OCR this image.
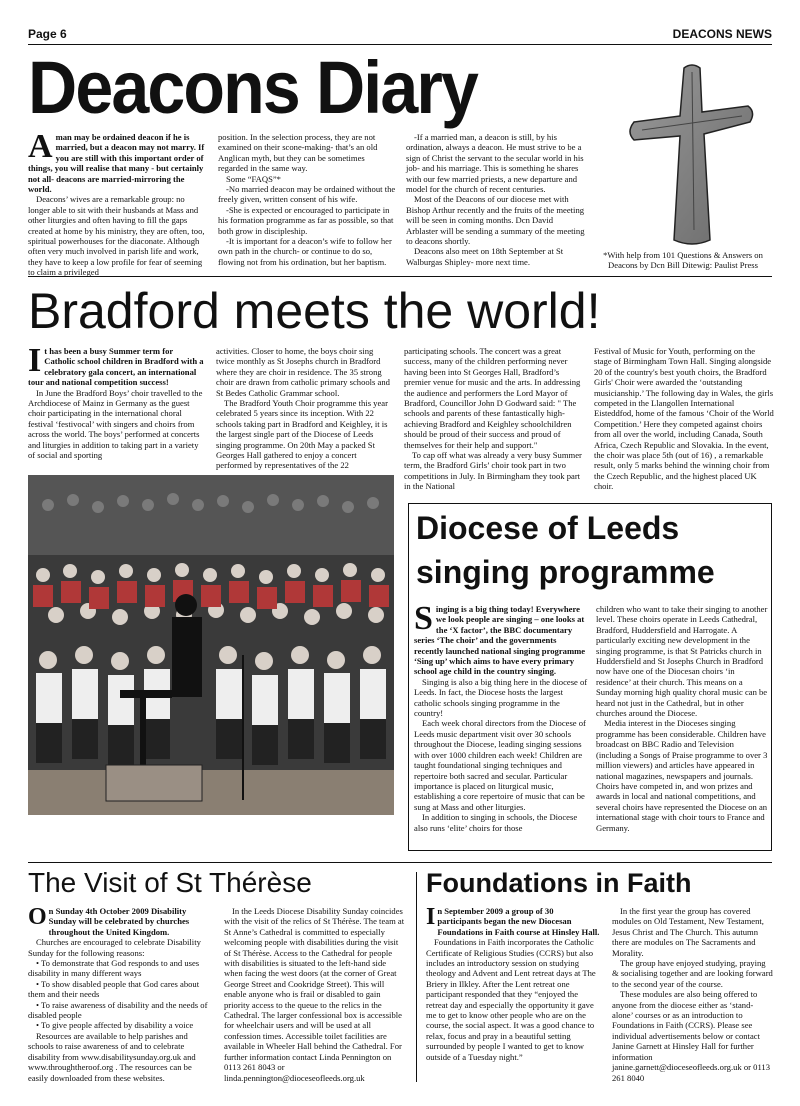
Page 6	DEACONS NEWS
Deacons Diary
A man may be ordained deacon if he is married, but a deacon may not marry. If you are still with this important order of things, you will realise that many - but certainly not all- deacons are married-mirroring the world.

Deacons’ wives are a remarkable group: no longer able to sit with their husbands at Mass and other liturgies and often having to fill the gaps created at home by his ministry, they are often, too, spiritual powerhouses for the diaconate. Although often very much involved in parish life and work, they have to keep a low profile for fear of seeming to claim a privileged

position. In the selection process, they are not examined on their scone-making- that’s an old Anglican myth, but they can be sometimes regarded in the same way.

Some “FAQS”*

-No married deacon may be ordained without the freely given, written consent of his wife.

-She is expected or encouraged to participate in his formation programme as far as possible, so that both grow in discipleship.

-It is important for a deacon’s wife to follow her own path in the church- or continue to do so, flowing not from his ordination, but her baptism.

-If a married man, a deacon is still, by his ordination, always a deacon. He must strive to be a sign of Christ the servant to the secular world in his job- and his marriage. This is something he shares with our few married priests, a new departure and model for the church of recent centuries.

Most of the Deacons of our diocese met with Bishop Arthur recently and the fruits of the meeting will be seen in coming months. Dcn David Arblaster will be sending a summary of the meeting to deacons shortly.

Deacons also meet on 18th September at St Walburgas Shipley- more next time.

*With help from 101 Questions & Answers on Deacons by Dcn Bill Ditewig: Paulist Press
Bradford meets the world!
I t has been a busy Summer term for Catholic school children in Bradford with a celebratory gala concert, an international tour and national competition success!

In June the Bradford Boys’ choir travelled to the Archdiocese of Mainz in Germany as the guest choir participating in the international choral festival ‘festivocal’ with singers and choirs from across the world. The boys’ performed at concerts and liturgies in addition to taking part in a variety of social and sporting

activities. Closer to home, the boys choir sing twice monthly as St Josephs church in Bradford where they are choir in residence. The 35 strong choir are drawn from catholic primary schools and St Bedes Catholic Grammar school.

The Bradford Youth Choir programme this year celebrated 5 years since its inception. With 22 schools taking part in Bradford and Keighley, it is the largest single part of the Diocese of Leeds singing programme. On 20th May a packed St Georges Hall gathered to enjoy a concert performed by representatives of the 22

participating schools. The concert was a great success, many of the children performing never having been into St Georges Hall, Bradford’s premier venue for music and the arts. In addressing the audience and performers the Lord Mayor of Bradford, Councillor John D Godward said: " The schools and parents of these fantastically high-achieving Bradford and Keighley schoolchildren should be proud of their success and proud of themselves for their help and support."

To cap off what was already a very busy Summer term, the Bradford Girls’ choir took part in two competitions in July. In Birmingham they took part in the National

Festival of Music for Youth, performing on the stage of Birmingham Town Hall. Singing alongside 20 of the country's best youth choirs, the Bradford Girls' Choir were awarded the ‘outstanding musicianship.’ The following day in Wales, the girls competed in the Llangollen International Eisteddfod, home of the famous ‘Choir of the World Competition.’ Here they competed against choirs from all over the world, including Canada, South Africa, Czech Republic and Slovakia. In the event, the choir was place 5th (out of 16) , a remarkable result, only 5 marks behind the winning choir from the Czech Republic, and the highest placed UK choir.

Diocese of Leeds
singing programme
S inging is a big thing today! Everywhere we look people are singing – one looks at the ‘X factor’, the BBC documentary series ‘The choir’ and the governments recently launched national singing programme ‘Sing up’ which aims to have every primary school age child in the country singing.

Singing is also a big thing here in the diocese of Leeds. In fact, the Diocese hosts the largest catholic schools singing programme in the country!

Each week choral directors from the Diocese of Leeds music department visit over 30 schools throughout the Diocese, leading singing sessions with over 1000 children each week! Children are taught foundational singing techniques and repertoire both sacred and secular. Particular importance is placed on liturgical music, establishing a core repertoire of music that can be sung at Mass and other liturgies.

In addition to singing in schools, the Diocese also runs ‘elite’ choirs for those

children who want to take their singing to another level. These choirs operate in Leeds Cathedral, Bradford, Huddersfield and Harrogate. A particularly exciting new development in the singing programme, is that St Patricks church in Huddersfield and St Josephs Church in Bradford now have one of the Diocesan choirs ‘in residence’ at their church. This means on a Sunday morning high quality choral music can be heard not just in the Cathedral, but in other churches around the Diocese.

Media interest in the Dioceses singing programme has been considerable. Children have broadcast on BBC Radio and Television (including a Songs of Praise programme to over 3 million viewers) and articles have appeared in national magazines, newspapers and journals. Choirs have competed in, and won prizes and awards in local and national competitions, and several choirs have represented the Diocese on an international stage with choir tours to France and Germany.

The Visit of St Thérèse
O n Sunday 4th October 2009 Disability Sunday will be celebrated by churches throughout the United Kingdom.

Churches are encouraged to celebrate Disability Sunday for the following reasons:

• To demonstrate that God responds to and uses disability in many different ways

• To show disabled people that God cares about them and their needs

• To raise awareness of disability and the needs of disabled people

• To give people affected by disability a voice

Resources are available to help parishes and schools to raise awareness of and to celebrate disability from www.disabilitysunday.org.uk and www.throughtheroof.org . The resources can be easily downloaded from these websites.

In the Leeds Diocese Disability Sunday coincides with the visit of the relics of St Thérèse. The team at St Anne’s Cathedral is committed to especially welcoming people with disabilities during the visit of St Thérèse. Access to the Cathedral for people with disabilities is situated to the left-hand side when facing the west doors (at the corner of Great George Street and Cookridge Street). This will enable anyone who is frail or disabled to gain priority access to the queue to the relics in the Cathedral. The larger confessional box is accessible for wheelchair users and will be used at all confession times. Accessible toilet facilities are available in Wheeler Hall behind the Cathedral. For further information contact Linda Pennington on 0113 261 8043 or linda.pennington@dioceseofleeds.org.uk

Foundations in Faith
I n September 2009 a group of 30 participants began the new Diocesan Foundations in Faith course at Hinsley Hall.

Foundations in Faith incorporates the Catholic Certificate of Religious Studies (CCRS) but also includes an introductory session on studying theology and Advent and Lent retreat days at The Briery in Ilkley. After the Lent retreat one participant responded that they “enjoyed the retreat day and especially the opportunity it gave me to get to know other people who are on the course, the social aspect. It was a good chance to relax, focus and pray in a beautiful setting surrounded by people I wanted to get to know outside of a Tuesday night.”

In the first year the group has covered modules on Old Testament, New Testament, Jesus Christ and The Church. This autumn there are modules on The Sacraments and Morality.

The group have enjoyed studying, praying & socialising together and are looking forward to the second year of the course.

These modules are also being offered to anyone from the diocese either as ‘stand-alone’ courses or as an introduction to Foundations in Faith (CCRS). Please see individual advertisements below or contact Janine Garnett at Hinsley Hall for further information

janine.garnett@dioceseofleeds.org.uk or 0113 261 8040
